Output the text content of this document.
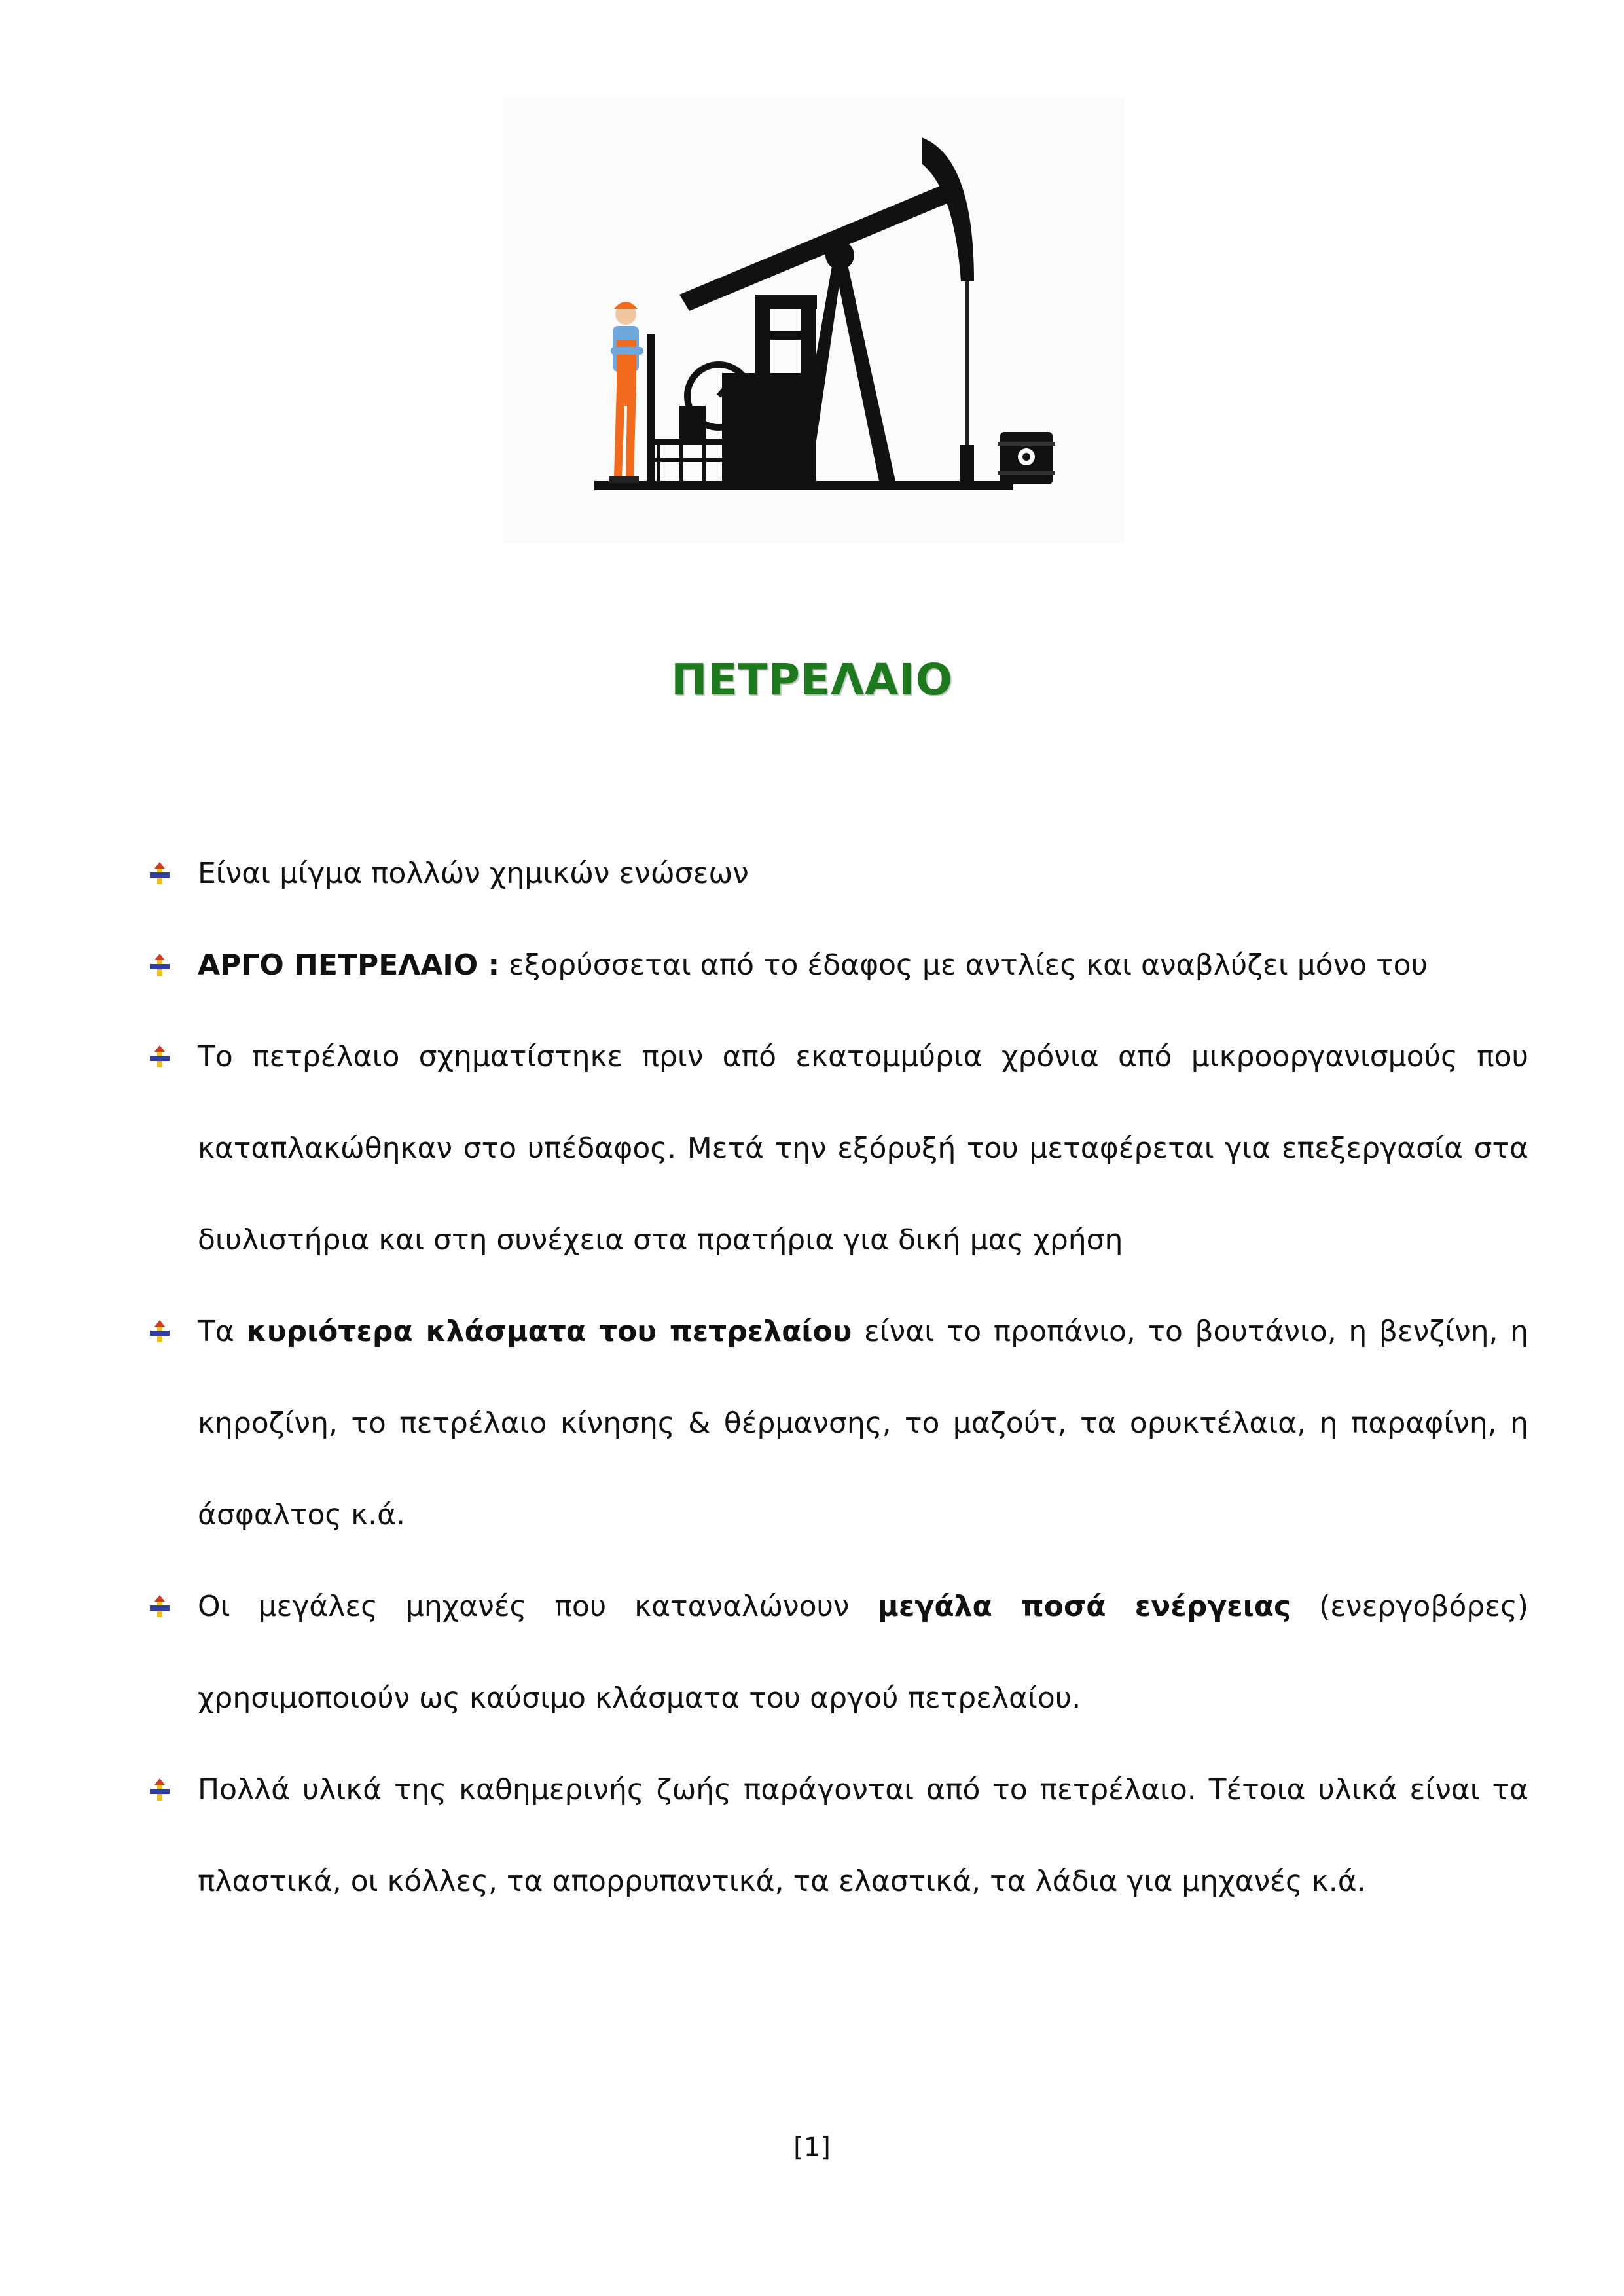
ΠΕΤΡΕΛΑΙΟ
Είναι μίγμα πολλών χημικών ενώσεων
ΑΡΓΟ ΠΕΤΡΕΛΑΙΟ : εξορύσσεται από το έδαφος με αντλίες και αναβλύζει μόνο του
Το πετρέλαιο σχηματίστηκε πριν από εκατομμύρια χρόνια από μικροοργανισμούς που
καταπλακώθηκαν στο υπέδαφος. Μετά την εξόρυξή του μεταφέρεται για επεξεργασία στα
διυλιστήρια και στη συνέχεια στα πρατήρια για δική μας χρήση
Τα κυριότερα κλάσματα του πετρελαίου είναι το προπάνιο, το βουτάνιο, η βενζίνη, η
κηροζίνη, το πετρέλαιο κίνησης & θέρμανσης, το μαζούτ, τα ορυκτέλαια, η παραφίνη, η
άσφαλτος κ.ά.
Οι μεγάλες μηχανές που καταναλώνουν μεγάλα ποσά ενέργειας (ενεργοβόρες)
χρησιμοποιούν ως καύσιμο κλάσματα του αργού πετρελαίου.
Πολλά υλικά της καθημερινής ζωής παράγονται από το πετρέλαιο. Τέτοια υλικά είναι τα
πλαστικά, οι κόλλες, τα απορρυπαντικά, τα ελαστικά, τα λάδια για μηχανές κ.ά.
[1]
